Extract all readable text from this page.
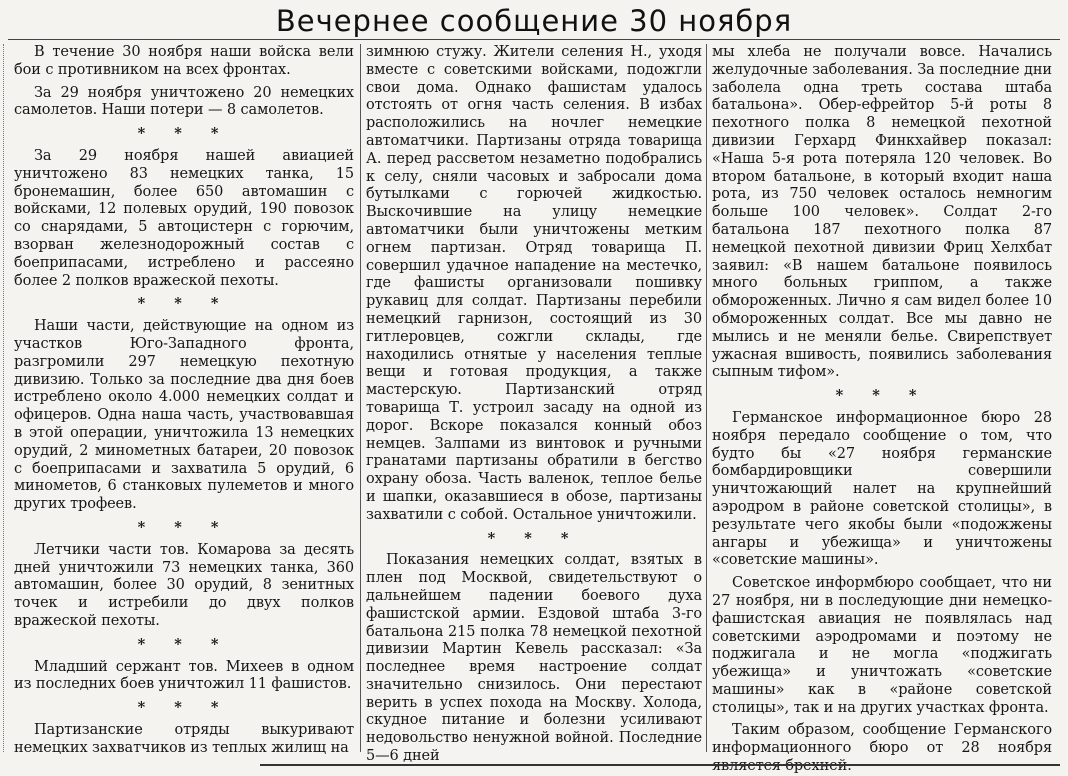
Вечернее сообщение 30 ноября

В течение 30 ноября наши войска вели бои с противником на всех фронтах.

За 29 ноября уничтожено 20 немецких самолетов. Наши потери — 8 самолетов.

* * *

За 29 ноября нашей авиацией уничтожено 83 немецких танка, 15 бронемашин, более 650 автомашин с войсками, 12 полевых орудий, 190 повозок со снарядами, 5 автоцистерн с горючим, взорван железнодорожный состав с боеприпасами, истреблено и рассеяно более 2 полков вражеской пехоты.

* * *

Наши части, действующие на одном из участков Юго-Западного фронта, разгромили 297 немецкую пехотную дивизию. Только за последние два дня боев истреблено около 4.000 немецких солдат и офицеров. Одна наша часть, участвовавшая в этой операции, уничтожила 13 немецких орудий, 2 минометных батареи, 20 повозок с боеприпасами и захватила 5 орудий, 6 минометов, 6 станковых пулеметов и много других трофеев.

* * *

Летчики части тов. Комарова за десять дней уничтожили 73 немецких танка, 360 автомашин, более 30 орудий, 8 зенитных точек и истребили до двух полков вражеской пехоты.

* * *

Младший сержант тов. Михеев в одном из последних боев уничтожил 11 фашистов.

* * *

Партизанские отряды выкуривают немецких захватчиков из теплых жилищ на

зимнюю стужу. Жители селения Н., уходя вместе с советскими войсками, подожгли свои дома. Однако фашистам удалось отстоять от огня часть селения. В избах расположились на ночлег немецкие автоматчики. Партизаны отряда товарища А. перед рассветом незаметно подобрались к селу, сняли часовых и забросали дома бутылками с горючей жидкостью. Выскочившие на улицу немецкие автоматчики были уничтожены метким огнем партизан. Отряд товарища П. совершил удачное нападение на местечко, где фашисты организовали пошивку рукавиц для солдат. Партизаны перебили немецкий гарнизон, состоящий из 30 гитлеровцев, сожгли склады, где находились отнятые у населения теплые вещи и готовая продукция, а также мастерскую. Партизанский отряд товарища Т. устроил засаду на одной из дорог. Вскоре показался конный обоз немцев. Залпами из винтовок и ручными гранатами партизаны обратили в бегство охрану обоза. Часть валенок, теплое белье и шапки, оказавшиеся в обозе, партизаны захватили с собой. Остальное уничтожили.

* * *

Показания немецких солдат, взятых в плен под Москвой, свидетельствуют о дальнейшем падении боевого духа фашистской армии. Ездовой штаба 3-го батальона 215 полка 78 немецкой пехотной дивизии Мартин Кевель рассказал: «За последнее время настроение солдат значительно снизилось. Они перестают верить в успех похода на Москву. Холода, скудное питание и болезни усиливают недовольство ненужной войной. Последние 5—6 дней

мы хлеба не получали вовсе. Начались желудочные заболевания. За последние дни заболела одна треть состава штаба батальона». Обер-ефрейтор 5-й роты 8 пехотного полка 8 немецкой пехотной дивизии Герхард Финкхайвер показал: «Наша 5-я рота потеряла 120 человек. Во втором батальоне, в который входит наша рота, из 750 человек осталось немногим больше 100 человек». Солдат 2-го батальона 187 пехотного полка 87 немецкой пехотной дивизии Фриц Хелхбат заявил: «В нашем батальоне появилось много больных гриппом, а также обмороженных. Лично я сам видел более 10 обмороженных солдат. Все мы давно не мылись и не меняли белье. Свирепствует ужасная вшивость, появились заболевания сыпным тифом».

* * *

Германское информационное бюро 28 ноября передало сообщение о том, что будто бы «27 ноября германские бомбардировщики совершили уничтожающий налет на крупнейший аэродром в районе советской столицы», в результате чего якобы были «подожжены ангары и убежища» и уничтожены «советские машины».

Советское информбюро сообщает, что ни 27 ноября, ни в последующие дни немецко-фашистская авиация не появлялась над советскими аэродромами и поэтому не поджигала и не могла «поджигать убежища» и уничтожать «советские машины» как в «районе советской столицы», так и на других участках фронта.

Таким образом, сообщение Германского информационного бюро от 28 ноября является брехней.
